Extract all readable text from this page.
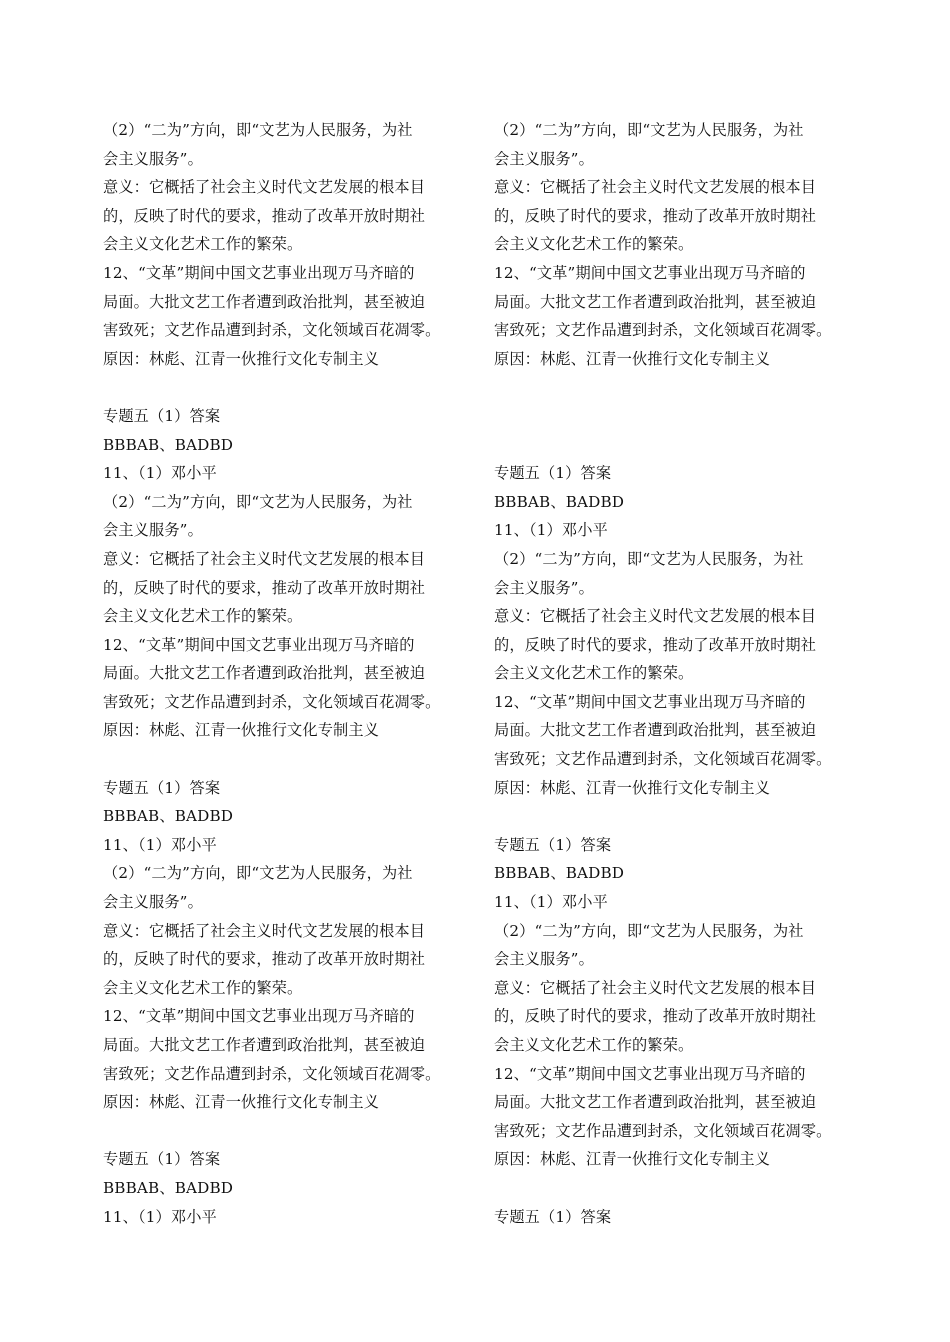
（2）“二为”方向，即“文艺为人民服务，为社
会主义服务”。
意义：它概括了社会主义时代文艺发展的根本目
的，反映了时代的要求，推动了改革开放时期社
会主义文化艺术工作的繁荣。
12、“文革”期间中国文艺事业出现万马齐暗的
局面。大批文艺工作者遭到政治批判，甚至被迫
害致死；文艺作品遭到封杀，文化领域百花凋零。
原因：林彪、江青一伙推行文化专制主义
专题五（1）答案
BBBAB、BADBD
11、（1）邓小平
（2）“二为”方向，即“文艺为人民服务，为社
会主义服务”。
意义：它概括了社会主义时代文艺发展的根本目
的，反映了时代的要求，推动了改革开放时期社
会主义文化艺术工作的繁荣。
12、“文革”期间中国文艺事业出现万马齐暗的
局面。大批文艺工作者遭到政治批判，甚至被迫
害致死；文艺作品遭到封杀，文化领域百花凋零。
原因：林彪、江青一伙推行文化专制主义
专题五（1）答案
BBBAB、BADBD
11、（1）邓小平
（2）“二为”方向，即“文艺为人民服务，为社
会主义服务”。
意义：它概括了社会主义时代文艺发展的根本目
的，反映了时代的要求，推动了改革开放时期社
会主义文化艺术工作的繁荣。
12、“文革”期间中国文艺事业出现万马齐暗的
局面。大批文艺工作者遭到政治批判，甚至被迫
害致死；文艺作品遭到封杀，文化领域百花凋零。
原因：林彪、江青一伙推行文化专制主义
专题五（1）答案
BBBAB、BADBD
11、（1）邓小平
（2）“二为”方向，即“文艺为人民服务，为社
会主义服务”。
意义：它概括了社会主义时代文艺发展的根本目
的，反映了时代的要求，推动了改革开放时期社
会主义文化艺术工作的繁荣。
12、“文革”期间中国文艺事业出现万马齐暗的
局面。大批文艺工作者遭到政治批判，甚至被迫
害致死；文艺作品遭到封杀，文化领域百花凋零。
原因：林彪、江青一伙推行文化专制主义
专题五（1）答案
BBBAB、BADBD
11、（1）邓小平
（2）“二为”方向，即“文艺为人民服务，为社
会主义服务”。
意义：它概括了社会主义时代文艺发展的根本目
的，反映了时代的要求，推动了改革开放时期社
会主义文化艺术工作的繁荣。
12、“文革”期间中国文艺事业出现万马齐暗的
局面。大批文艺工作者遭到政治批判，甚至被迫
害致死；文艺作品遭到封杀，文化领域百花凋零。
原因：林彪、江青一伙推行文化专制主义
专题五（1）答案
BBBAB、BADBD
11、（1）邓小平
（2）“二为”方向，即“文艺为人民服务，为社
会主义服务”。
意义：它概括了社会主义时代文艺发展的根本目
的，反映了时代的要求，推动了改革开放时期社
会主义文化艺术工作的繁荣。
12、“文革”期间中国文艺事业出现万马齐暗的
局面。大批文艺工作者遭到政治批判，甚至被迫
害致死；文艺作品遭到封杀，文化领域百花凋零。
原因：林彪、江青一伙推行文化专制主义
专题五（1）答案
